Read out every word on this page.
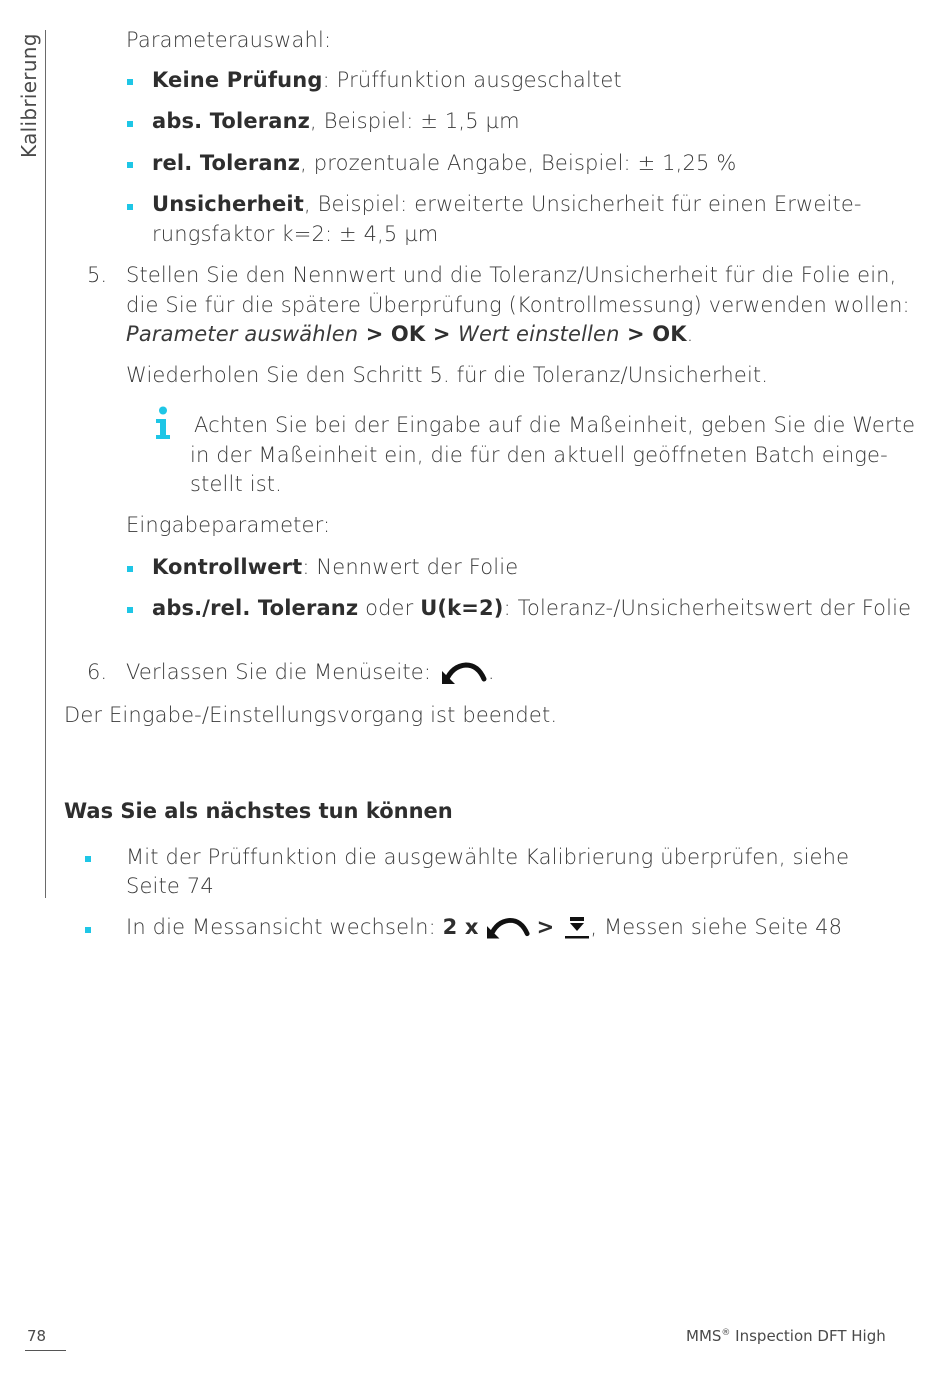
Kalibrierung	Parameterauswahl:
Keine Prüfung: Prüffunktion ausgeschaltet
abs. Toleranz, Beispiel: ± 1,5 µm
rel. Toleranz, prozentuale Angabe, Beispiel: ± 1,25 %
Unsicherheit, Beispiel: erweiterte Unsicherheit für einen Erweite-
rungsfaktor k=2: ± 4,5 µm
5. Stellen Sie den Nennwert und die Toleranz/Unsicherheit für die Folie ein,
die Sie für die spätere Überprüfung (Kontrollmessung) verwenden wollen:
Parameter auswählen > OK > Wert einstellen > OK.
Wiederholen Sie den Schritt 5. für die Toleranz/Unsicherheit.
Achten Sie bei der Eingabe auf die Maßeinheit, geben Sie die Werte
in der Maßeinheit ein, die für den aktuell geöffneten Batch einge-
stellt ist.
Eingabeparameter:
Kontrollwert: Nennwert der Folie
abs./rel. Toleranz oder U(k=2): Toleranz-/Unsicherheitswert der Folie
6. Verlassen Sie die Menüseite: .
Der Eingabe-/Einstellungsvorgang ist beendet.
Was Sie als nächstes tun können
Mit der Prüffunktion die ausgewählte Kalibrierung überprüfen, siehe
Seite 74
In die Messansicht wechseln: 2 x	> , Messen siehe Seite 48
78	MMS® Inspection DFT High
